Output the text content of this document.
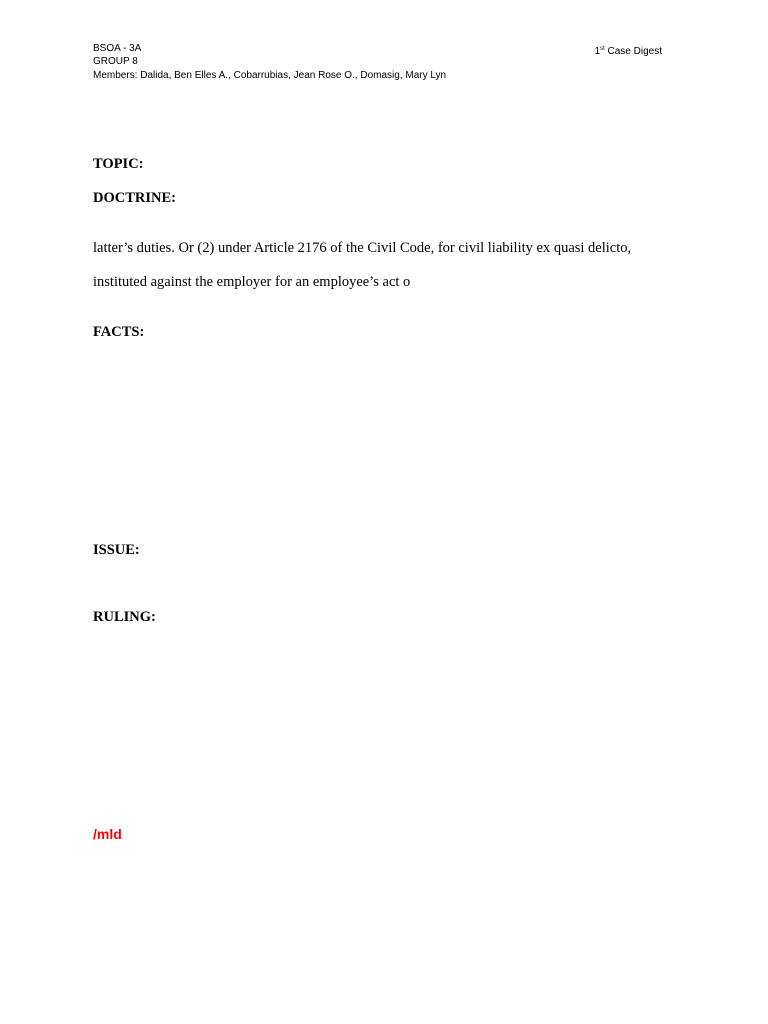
BSOA - 3A
GROUP 8
Members: Dalida, Ben Elles A., Cobarrubias, Jean Rose O., Domasig, Mary Lyn
1st Case Digest
TOPIC:
DOCTRINE:
latter’s duties. Or (2) under Article 2176 of the Civil Code, for civil liability ex quasi delicto,
instituted against the employer for an employee’s act o
FACTS:
ISSUE:
RULING:
/mld
